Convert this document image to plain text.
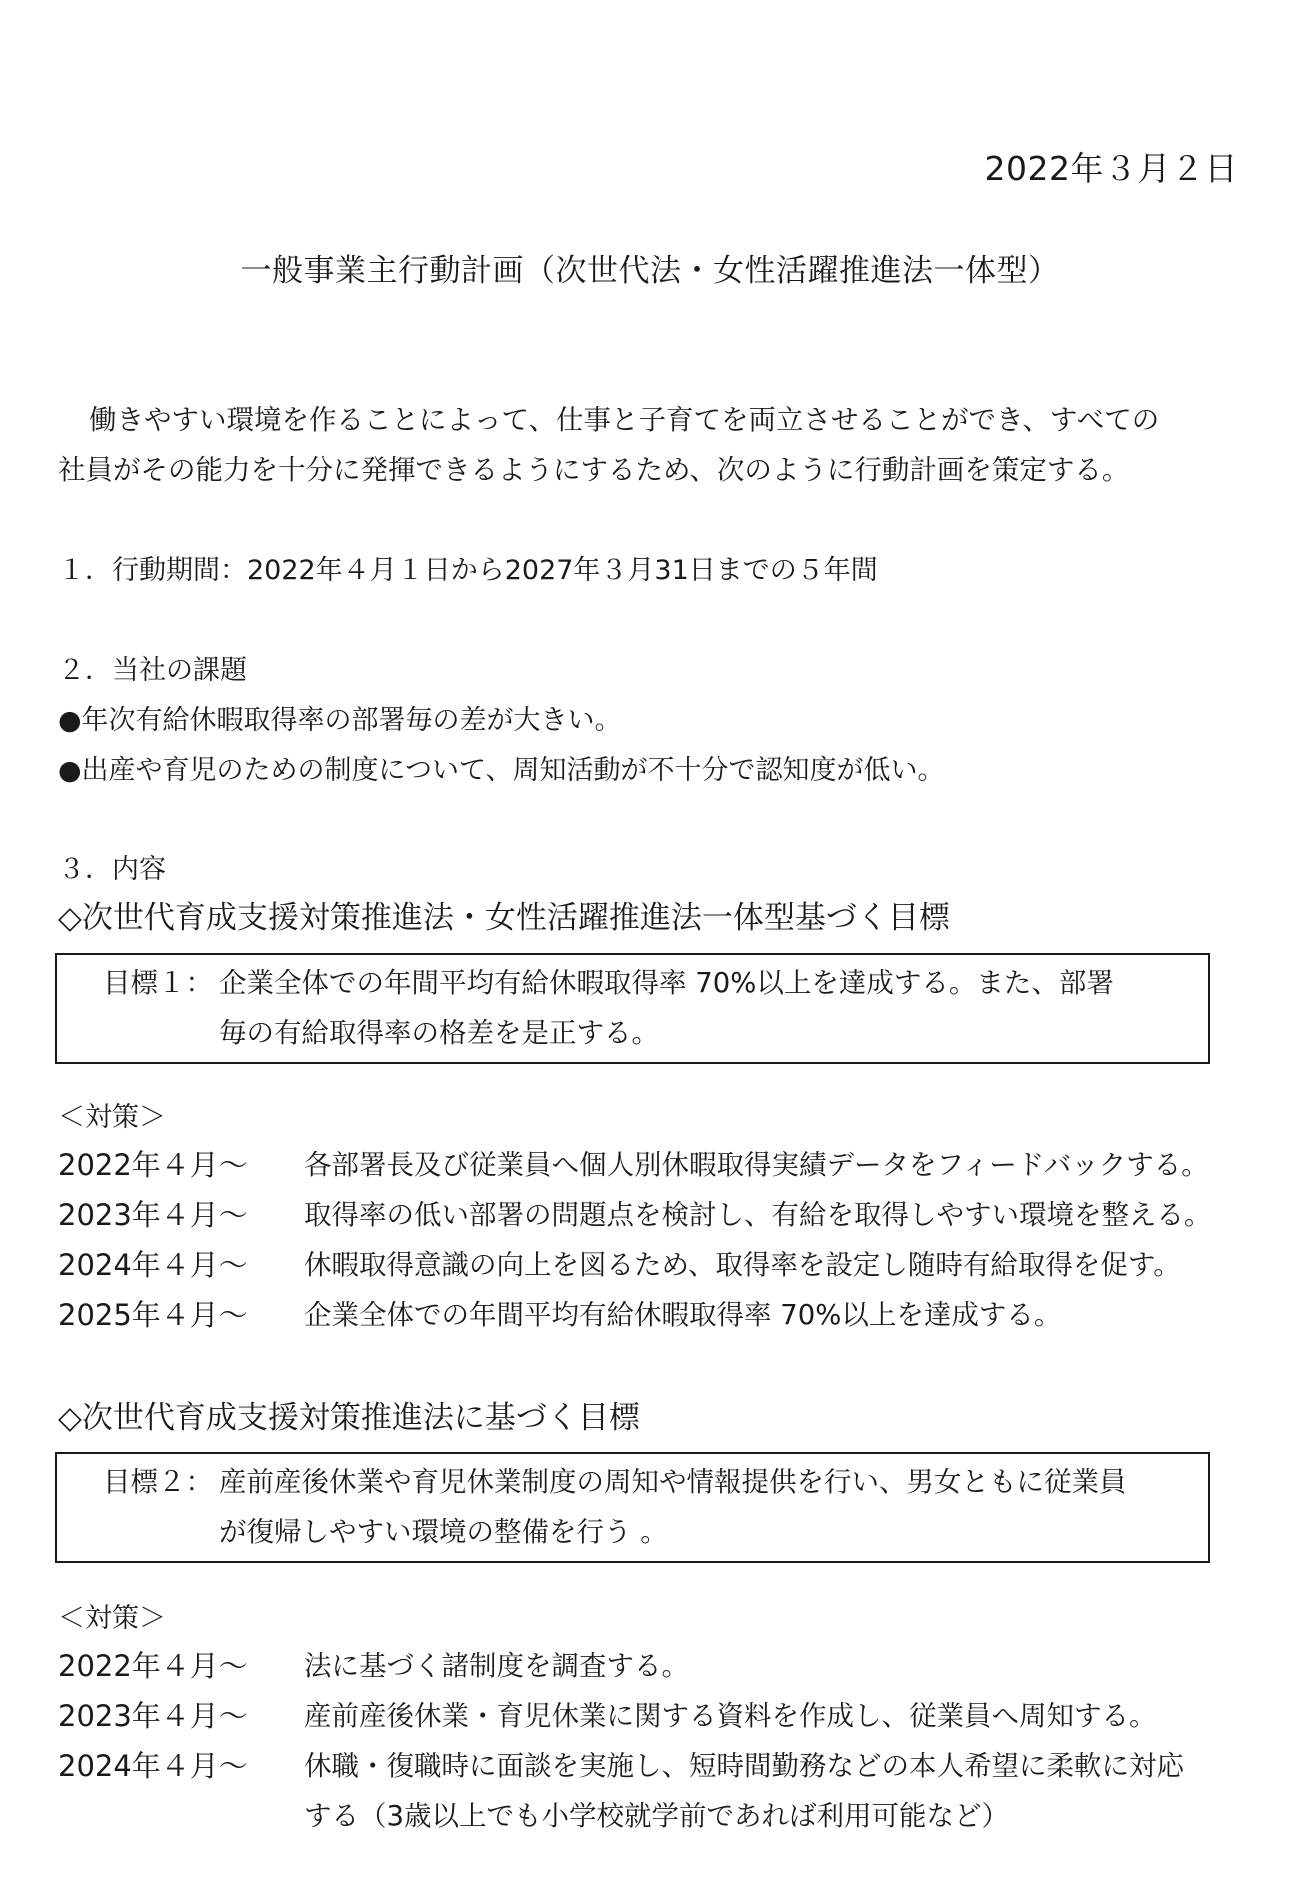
2022年３月２日
一般事業主行動計画（次世代法・女性活躍推進法一体型）
働きやすい環境を作ることによって、仕事と子育てを両立させることができ、すべての
社員がその能力を十分に発揮できるようにするため、次のように行動計画を策定する。
１．行動期間：2022年４月１日から2027年３月31日までの５年間
２．当社の課題
●年次有給休暇取得率の部署毎の差が大きい。
●出産や育児のための制度について、周知活動が不十分で認知度が低い。
３．内容
◇次世代育成支援対策推進法・女性活躍推進法一体型基づく目標
目標１： 企業全体での年間平均有給休暇取得率 70%以上を達成する。また、部署
毎の有給取得率の格差を是正する。
＜対策＞
2022年４月～	各部署長及び従業員へ個人別休暇取得実績データをフィードバックする。
2023年４月～	取得率の低い部署の問題点を検討し、有給を取得しやすい環境を整える。
2024年４月～	休暇取得意識の向上を図るため、取得率を設定し随時有給取得を促す。
2025年４月～	企業全体での年間平均有給休暇取得率 70%以上を達成する。
◇次世代育成支援対策推進法に基づく目標
目標２： 産前産後休業や育児休業制度の周知や情報提供を行い、男女ともに従業員
が復帰しやすい環境の整備を行う 。
＜対策＞
2022年４月～	法に基づく諸制度を調査する。
2023年４月～	産前産後休業・育児休業に関する資料を作成し、従業員へ周知する。
2024年４月～	休職・復職時に面談を実施し、短時間勤務などの本人希望に柔軟に対応
する（3歳以上でも小学校就学前であれば利用可能など）
